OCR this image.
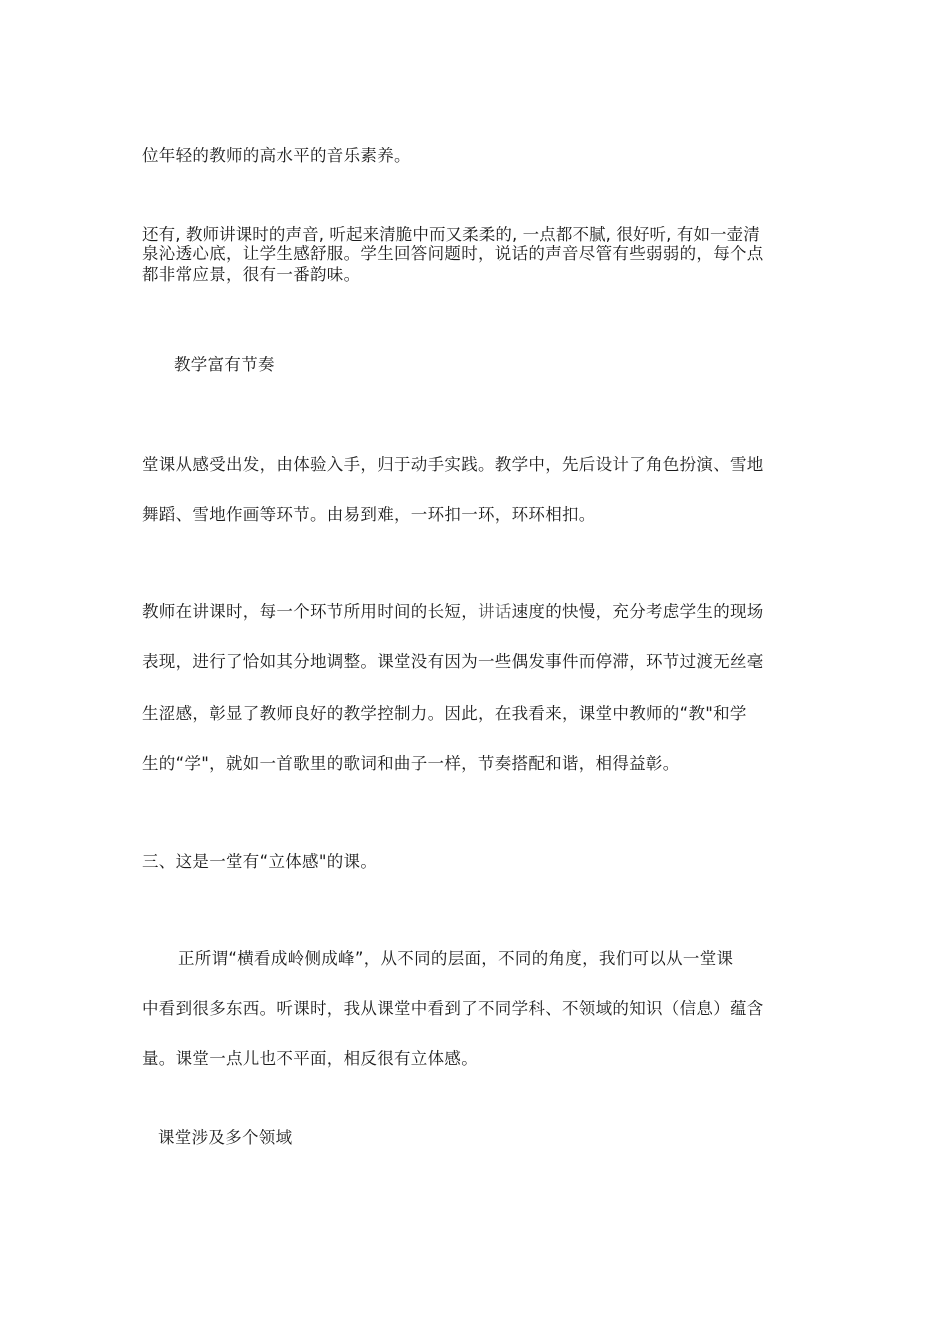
位年轻的教师的高水平的音乐素养。
还有, 教师讲课时的声音, 听起来清脆中而又柔柔的, 一点都不腻, 很好听, 有如一壶清
泉沁透心底，让学生感舒服。学生回答问题时，说话的声音尽管有些弱弱的，每个点
都非常应景，很有一番韵味。
教学富有节奏
堂课从感受出发，由体验入手，归于动手实践。教学中，先后设计了角色扮演、雪地
舞蹈、雪地作画等环节。由易到难，一环扣一环，环环相扣。
教师在讲课时，每一个环节所用时间的长短，讲话速度的快慢，充分考虑学生的现场
表现，进行了恰如其分地调整。课堂没有因为一些偶发事件而停滞，环节过渡无丝毫
生涩感，彰显了教师良好的教学控制力。因此，在我看来，课堂中教师的“教"和学
生的“学"，就如一首歌里的歌词和曲子一样，节奏搭配和谐，相得益彰。
三、这是一堂有“立体感"的课。
正所谓“横看成岭侧成峰”，从不同的层面，不同的角度，我们可以从一堂课
中看到很多东西。听课时，我从课堂中看到了不同学科、不领域的知识（信息）蕴含
量。课堂一点儿也不平面，相反很有立体感。
课堂涉及多个领域
